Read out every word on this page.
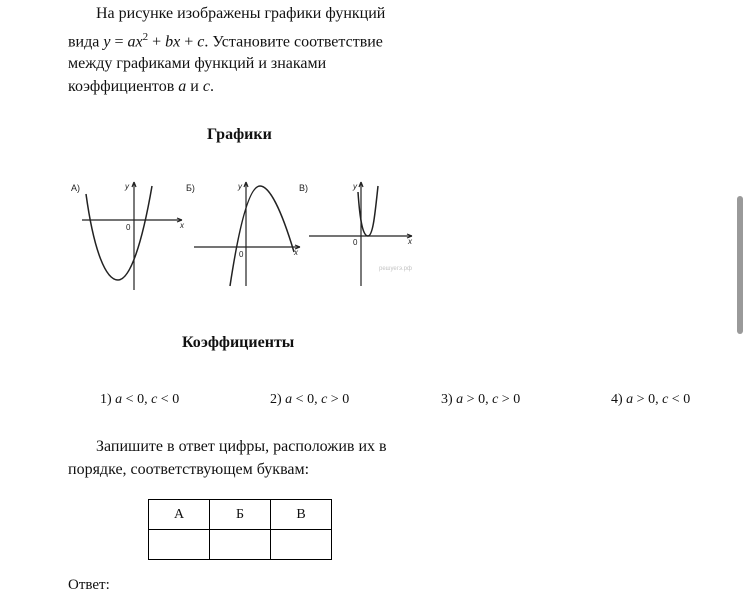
На рисунке изображены графики функций
вида $y = ax^2$ + bx + c. Установите соответствие
между графиками функций и знаками
коэффициентов a и c.
Графики
А)	y
x
0
Б)	y
x
0
В)	y
x
0
решуегэ.рф
Коэффициенты
1) a < 0, c < 0	2) a < 0, c > 0	3) a > 0, c > 0	4) a > 0, c < 0
Запишите в ответ цифры, расположив их в
порядке, соответствующем буквам:
А	Б	В

Ответ:
